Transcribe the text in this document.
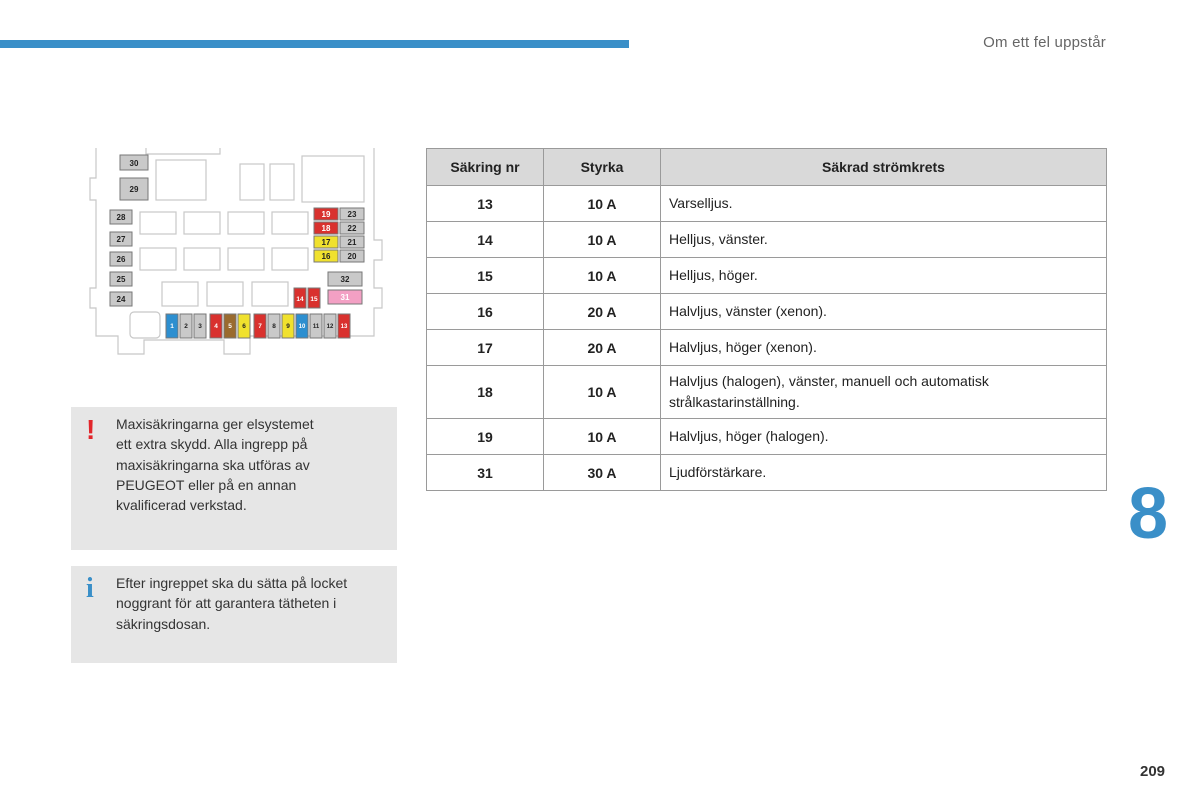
Om ett fel uppstår
30
29
28
27
26
25
24
19
18
17
16
23
22
21
20
32
14 15	31
1 2 3 4 5 6 7 8 9 10 11 12 13
! Maxisäkringarna ger elsystemet
ett extra skydd. Alla ingrepp på
maxisäkringarna ska utföras av
PEUGEOT eller på en annan
kvalificerad verkstad.
i Efter ingreppet ska du sätta på locket
noggrant för att garantera tätheten i
säkringsdosan.
Säkring nr	Styrka	Säkrad strömkrets
13	10 A	Varselljus.
14	10 A	Helljus, vänster.
15	10 A	Helljus, höger.
16	20 A	Halvljus, vänster (xenon).
17	20 A	Halvljus, höger (xenon).
18	10 A	Halvljus (halogen), vänster, manuell och automatisk strålkastarinställning.
19	10 A	Halvljus, höger (halogen).
31	30 A	Ljudförstärkare.
8
209
